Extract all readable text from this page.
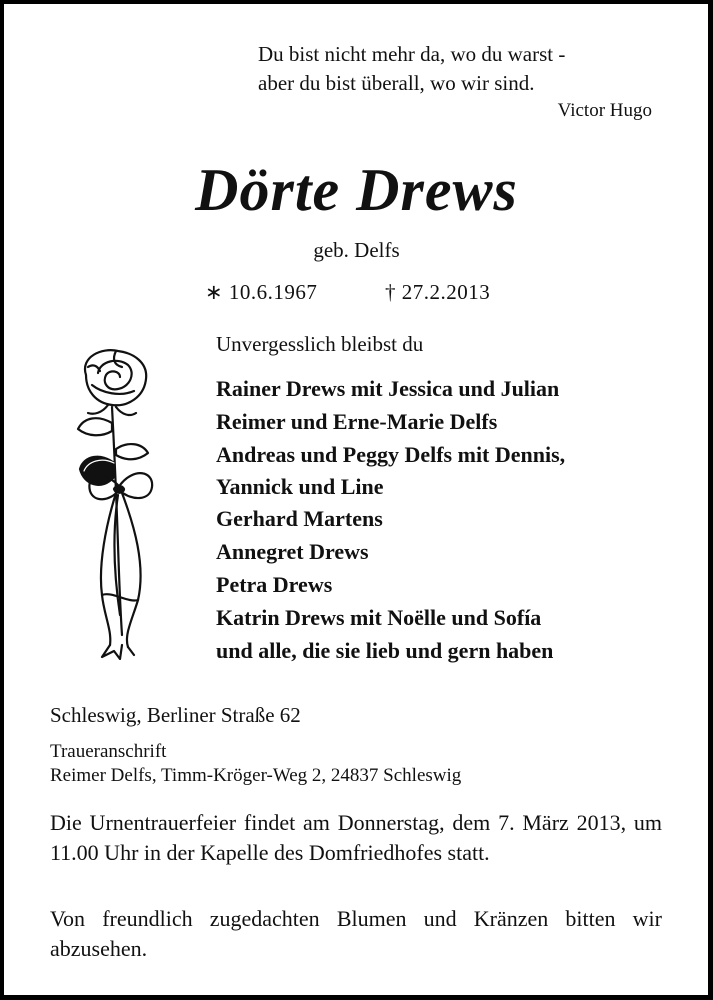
Du bist nicht mehr da, wo du warst -
aber du bist überall, wo wir sind.
Victor Hugo
Dörte Drews
geb. Delfs
∗ 10.6.1967	† 27.2.2013
Unvergesslich bleibst du
Rainer Drews mit Jessica und Julian
Reimer und Erne-Marie Delfs
Andreas und Peggy Delfs mit Dennis,
Yannick und Line
Gerhard Martens
Annegret Drews
Petra Drews
Katrin Drews mit Noëlle und Sofía
und alle, die sie lieb und gern haben
Schleswig, Berliner Straße 62
Traueranschrift
Reimer Delfs, Timm-Kröger-Weg 2, 24837 Schleswig
Die Urnentrauerfeier findet am Donnerstag, dem 7. März 2013, um 11.00 Uhr in der Kapelle des Domfriedhofes statt.
Von freundlich zugedachten Blumen und Kränzen bitten wir abzusehen.
